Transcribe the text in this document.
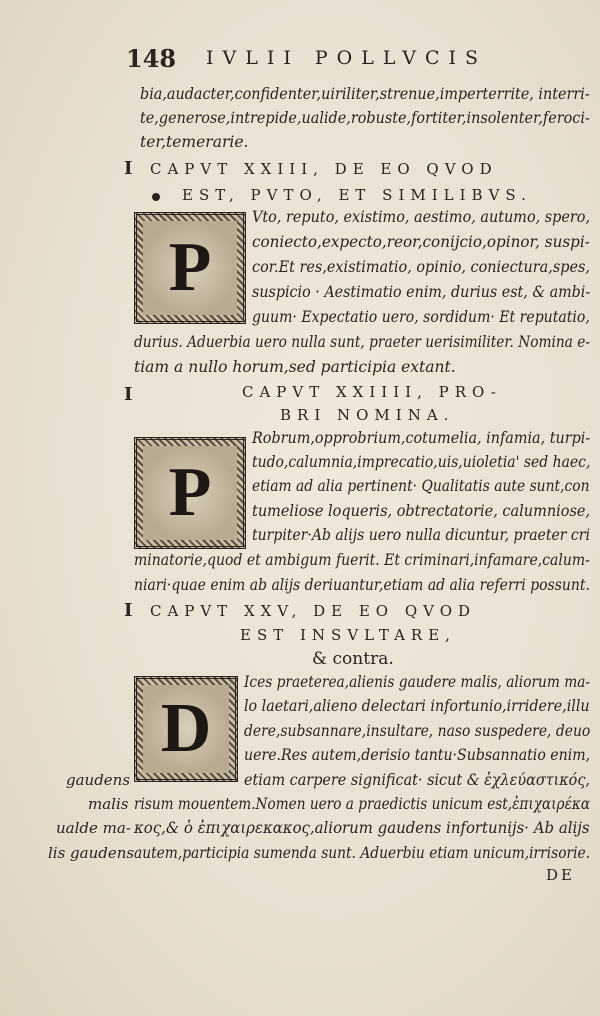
148 IVLII POLLVCIS
bia,audacter,confidenter,uiriliter,strenue,imperterrite, interri-
te,generose,intrepide,ualide,robuste,fortiter,insolenter,feroci-
ter,temerarie.
I CAPVT XXIII, DE EO QVOD
EST, PVTO, ET SIMILIBVS.
P
Vto, reputo, existimo, aestimo, autumo, spero,
coniecto,expecto,reor,conijcio,opinor, suspi-
cor.Et res,existimatio, opinio, coniectura,spes,
suspicio · Aestimatio enim, durius est, & ambi-
guum· Expectatio uero, sordidum· Et reputatio,
durius. Aduerbia uero nulla sunt, praeter uerisimiliter. Nomina e-
tiam a nullo horum,sed participia extant.
I	CAPVT XXIIII, PRO-
BRI NOMINA.
P
Robrum,opprobrium,cotumelia, infamia, turpi-
tudo,calumnia,imprecatio,uis,uioletia' sed haec,
etiam ad alia pertinent· Qualitatis aute sunt,con
tumeliose loqueris, obtrectatorie, calumniose,
turpiter·Ab alijs uero nulla dicuntur, praeter cri
minatorie,quod et ambigum fuerit. Et criminari,infamare,calum-
niari·quae enim ab alijs deriuantur,etiam ad alia referri possunt.
I CAPVT XXV, DE EO QVOD
EST INSVLTARE,
& contra.
D
Ices praeterea,alienis gaudere malis, aliorum ma-
lo laetari,alieno delectari infortunio,irridere,illu
dere,subsannare,insultare, naso suspedere, deuo
uere.Res autem,derisio tantu·Subsannatio enim,
etiam carpere significat· sicut & ἐχλεύαστικός,
risum mouentem.Nomen uero a praedictis unicum est,ἐπιχαιρέκα
κος,& ὁ ἐπιχαιρεκακος,aliorum gaudens infortunijs· Ab alijs
autem,participia sumenda sunt. Aduerbiu etiam unicum,irrisorie.
gaudens
malis
ualde ma-
lis gaudens
DE
